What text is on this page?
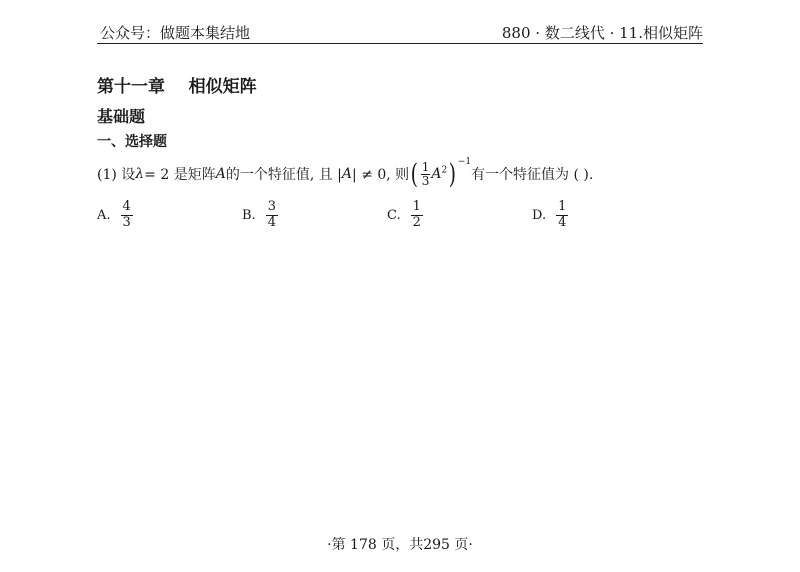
公众号：做题本集结地	880 · 数二线代 · 11.相似矩阵
第十一章    相似矩阵
基础题
一、选择题
(1) 设λ= 2 是矩阵A的一个特征值, 且 |A| ≠ 0, 则( $\frac{1}{3} A^2$) $^{-1}$有一个特征值为 ( ).
A. $\frac{4}{3}$	B. $\frac{3}{4}$	C. $\frac{1}{2}$	D. $\frac{1}{4}$
·第 178 页，共295 页·
